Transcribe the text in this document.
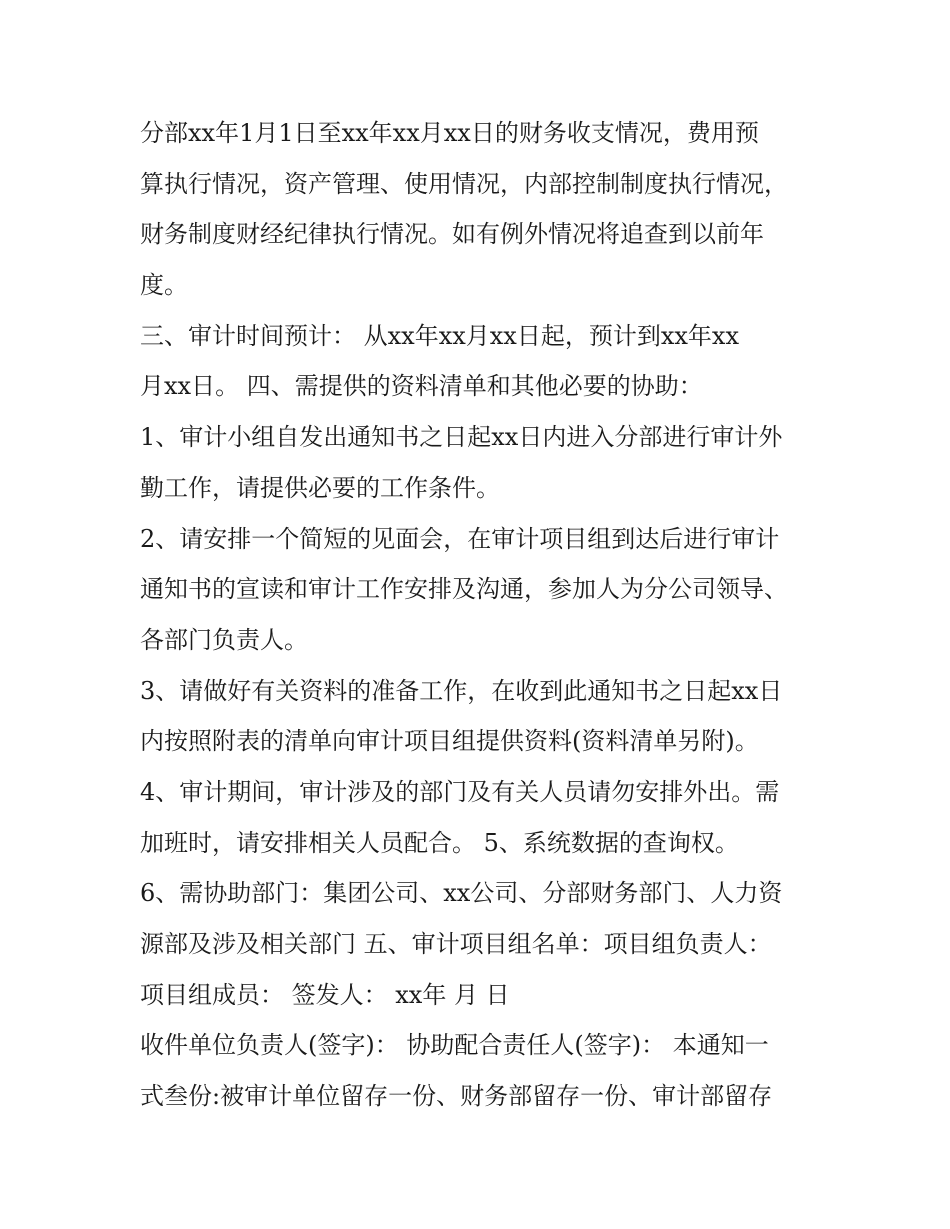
分部xx年1月1日至xx年xx月xx日的财务收支情况，费用预
算执行情况，资产管理、使用情况，内部控制制度执行情况，
财务制度财经纪律执行情况。如有例外情况将追查到以前年
度。
三、审计时间预计： 从xx年xx月xx日起，预计到xx年xx
月xx日。 四、需提供的资料清单和其他必要的协助：
1、审计小组自发出通知书之日起xx日内进入分部进行审计外
勤工作，请提供必要的工作条件。
2、请安排一个简短的见面会，在审计项目组到达后进行审计
通知书的宣读和审计工作安排及沟通，参加人为分公司领导、
各部门负责人。
3、请做好有关资料的准备工作，在收到此通知书之日起xx日
内按照附表的清单向审计项目组提供资料(资料清单另附)。
4、审计期间，审计涉及的部门及有关人员请勿安排外出。需
加班时，请安排相关人员配合。 5、系统数据的查询权。
6、需协助部门：集团公司、xx公司、分部财务部门、人力资
源部及涉及相关部门 五、审计项目组名单：项目组负责人：
项目组成员： 签发人： xx年 月 日
收件单位负责人(签字)： 协助配合责任人(签字)： 本通知一
式叁份:被审计单位留存一份、财务部留存一份、审计部留存
